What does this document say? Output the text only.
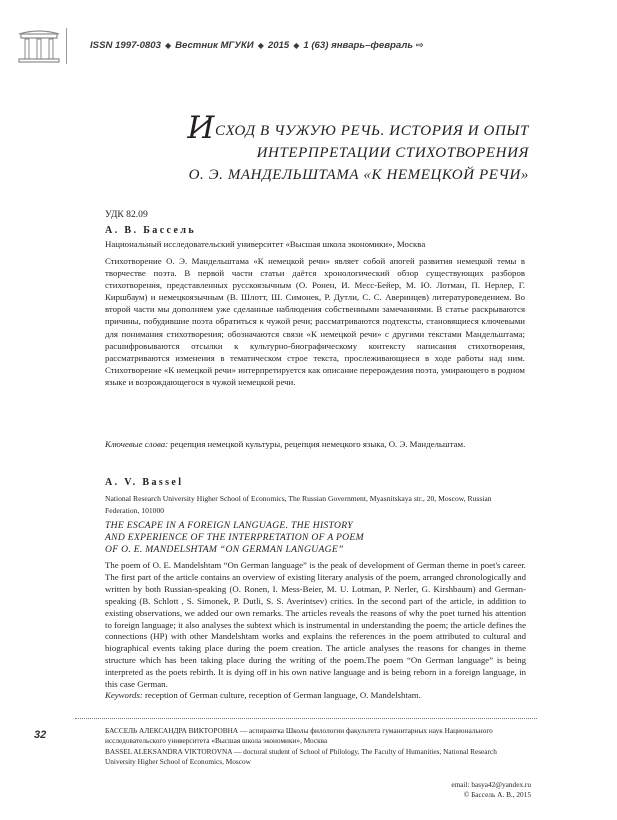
ISSN 1997-0803 ◆ Вестник МГУКИ ◆ 2015 ◆ 1 (63) январь–февраль ⇨
ИСХОД В ЧУЖУЮ РЕЧЬ. ИСТОРИЯ И ОПЫТ
ИНТЕРПРЕТАЦИИ СТИХОТВОРЕНИЯ
О. Э. МАНДЕЛЬШТАМА «К НЕМЕЦКОЙ РЕЧИ»
УДК 82.09
А. В. Бассель
Национальный исследовательский университет «Высшая школа экономики», Москва
Стихотворение О. Э. Мандельштама «К немецкой речи» являет собой апогей развития немецкой темы в творчестве поэта. В первой части статьи даётся хронологический обзор существующих разборов стихотворения, представленных русскоязычным (О. Ронен, И. Месс-Бейер, М. Ю. Лотман, П. Нерлер, Г. Киршбаум) и немецкоязычным (В. Шлотт, Ш. Симонек, Р. Дутли, С. С. Аверинцев) литературоведением. Во второй части мы дополняем уже сделанные наблюдения собственными замечаниями. В статье раскрываются причины, побудившие поэта обратиться к чужой речи; рассматриваются подтексты, становящиеся ключевыми для понимания стихотворения; обозначаются связи «К немецкой речи» с другими текстами Мандельштама; расшифровываются отсылки к культурно-биографическому контексту написания стихотворения, рассматриваются изменения в тематическом строе текста, прослеживающиеся в ходе работы над ним. Стихотворение «К немецкой речи» интерпретируется как описание перерождения поэта, умирающего в родном языке и возрождающегося в чужой немецкой речи.
Ключевые слова: рецепция немецкой культуры, рецепция немецкого языка, О. Э. Мандельштам.
A. V. Bassel
National Research University Higher School of Economics, The Russian Government, Myasnitskaya str., 20, Moscow, Russian Federation, 101000
THE ESCAPE IN A FOREIGN LANGUAGE. THE HISTORY
AND EXPERIENCE OF THE INTERPRETATION OF A POEM
OF O. E. MANDELSHTAM “ON GERMAN LANGUAGE”
The poem of O. E. Mandelshtam “On German language” is the peak of development of German theme in poet's career. The first part of the article contains an overview of existing literary analysis of the poem, arranged chronologically and written by both Russian-speaking (O. Ronen, I. Mess-Beier, M. U. Lotman, P. Nerler, G. Kirshbaum) and German-speaking (B. Schlott , S. Simonek, P. Dutli, S. S. Averintsev) critics. In the second part of the article, in addition to existing observations, we added our own remarks. The articles reveals the reasons of why the poet turned his attention to foreign language; it also analyses the subtext which is instrumental in understanding the poem; the article defines the connections (HP) with other Mandelshtam works and explains the references in the poem attributed to cultural and biographical events taking place during the poem creation. The article analyses the reasons for changes in theme structure which has been taking place during the writing of the poem.The poem “On German language” is being interpreted as the poets rebirth. It is dying off in his own native language and is being reborn in a foreign language, in this case German.
Keywords: reception of German culture, reception of German language, O. Mandelshtam.
32	БАССЕЛЬ АЛЕКСАНДРА ВИКТОРОВНА — аспирантка Школы филологии факультета гуманитарных наук Национального исследовательского университета «Высшая школа экономики», Москва
BASSEL ALEKSANDRA VIKTOROVNA — doctoral student of School of Philology, The Faculty of Humanities, National Research University Higher School of Economics, Moscow
email: basya42@yandex.ru
© Бассель А. В., 2015
